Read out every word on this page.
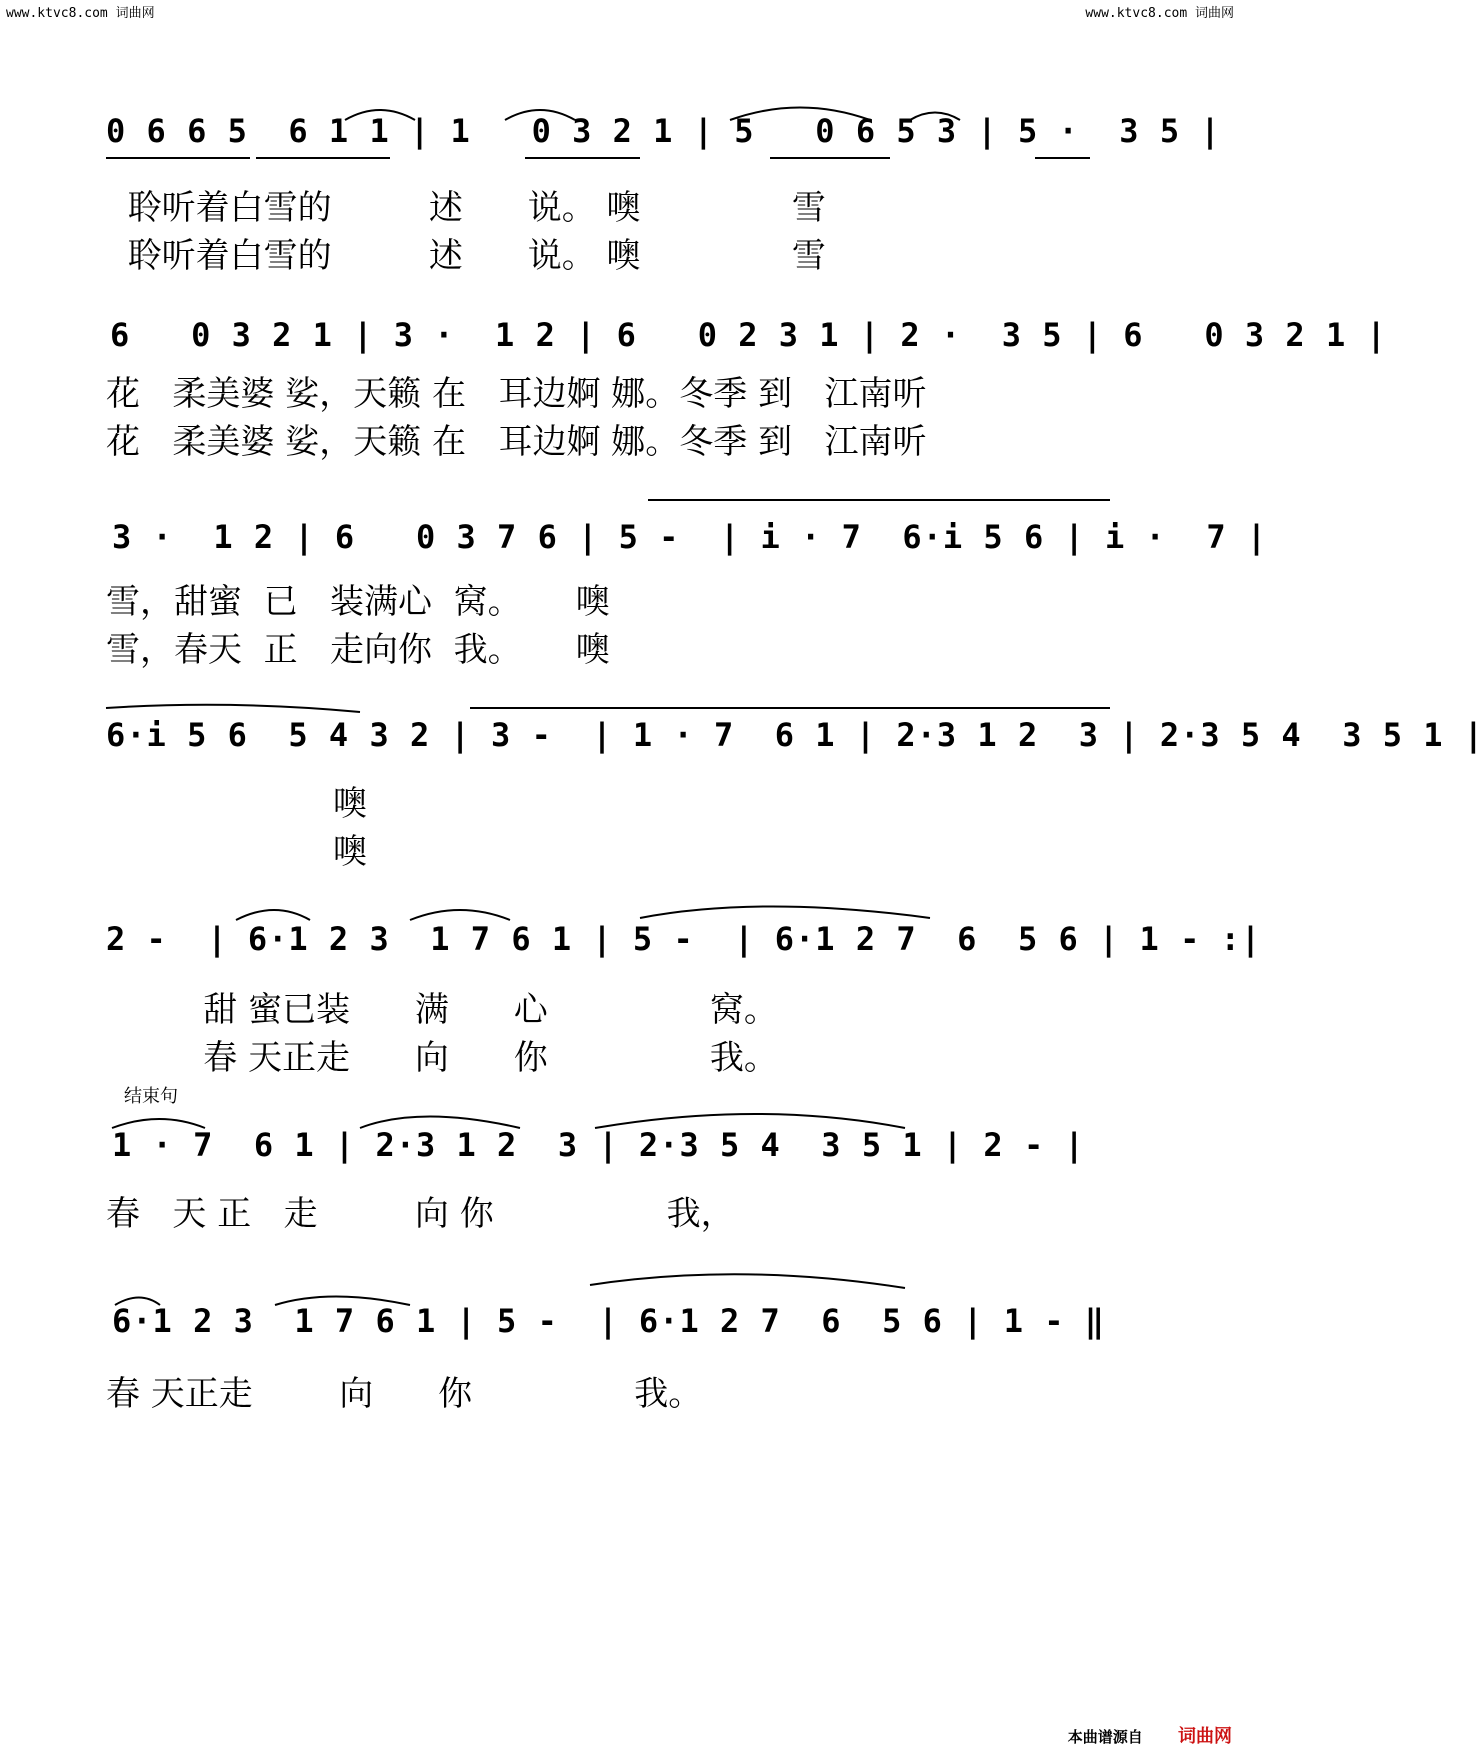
www.ktvc8.com 词曲网	www.ktvc8.com 词曲网
0 6 6 5  6 1 1 | 1   0 3 2 1 | 5   0 6 5 3 | 5 ·  3 5 |
聆听着白雪的         述      说。 噢              雪
聆听着白雪的         述      说。 噢              雪
6   0 3 2 1 | 3 ·  1 2 | 6   0 2 3 1 | 2 ·  3 5 | 6   0 3 2 1 |
花   柔美婆 娑，天籁 在   耳边婀 娜。冬季 到   江南听
花   柔美婆 娑，天籁 在   耳边婀 娜。冬季 到   江南听
3 ·  1 2 | 6   0 3 7 6 | 5 -  | i · 7  6·i 5 6 | i ·  7 |
雪，甜蜜  已   装满心  窝。     噢
雪，春天  正   走向你  我。     噢
6·i 5 6  5 4 3 2 | 3 -  | 1 · 7  6 1 | 2·3 1 2  3 | 2·3 5 4  3 5 1 |
噢
噢
2 -  | 6·1 2 3  1 7 6 1 | 5 -  | 6·1 2 7  6  5 6 | 1 - :|
甜 蜜已装      满      心               窝。
春 天正走      向      你               我。
结束句
1 · 7  6 1 | 2·3 1 2  3 | 2·3 5 4  3 5 1 | 2 - |
春   天 正   走         向 你                我，
6·1 2 3  1 7 6 1 | 5 -  | 6·1 2 7  6  5 6 | 1 - ‖
春 天正走        向      你               我。
本曲谱源自 词曲网
